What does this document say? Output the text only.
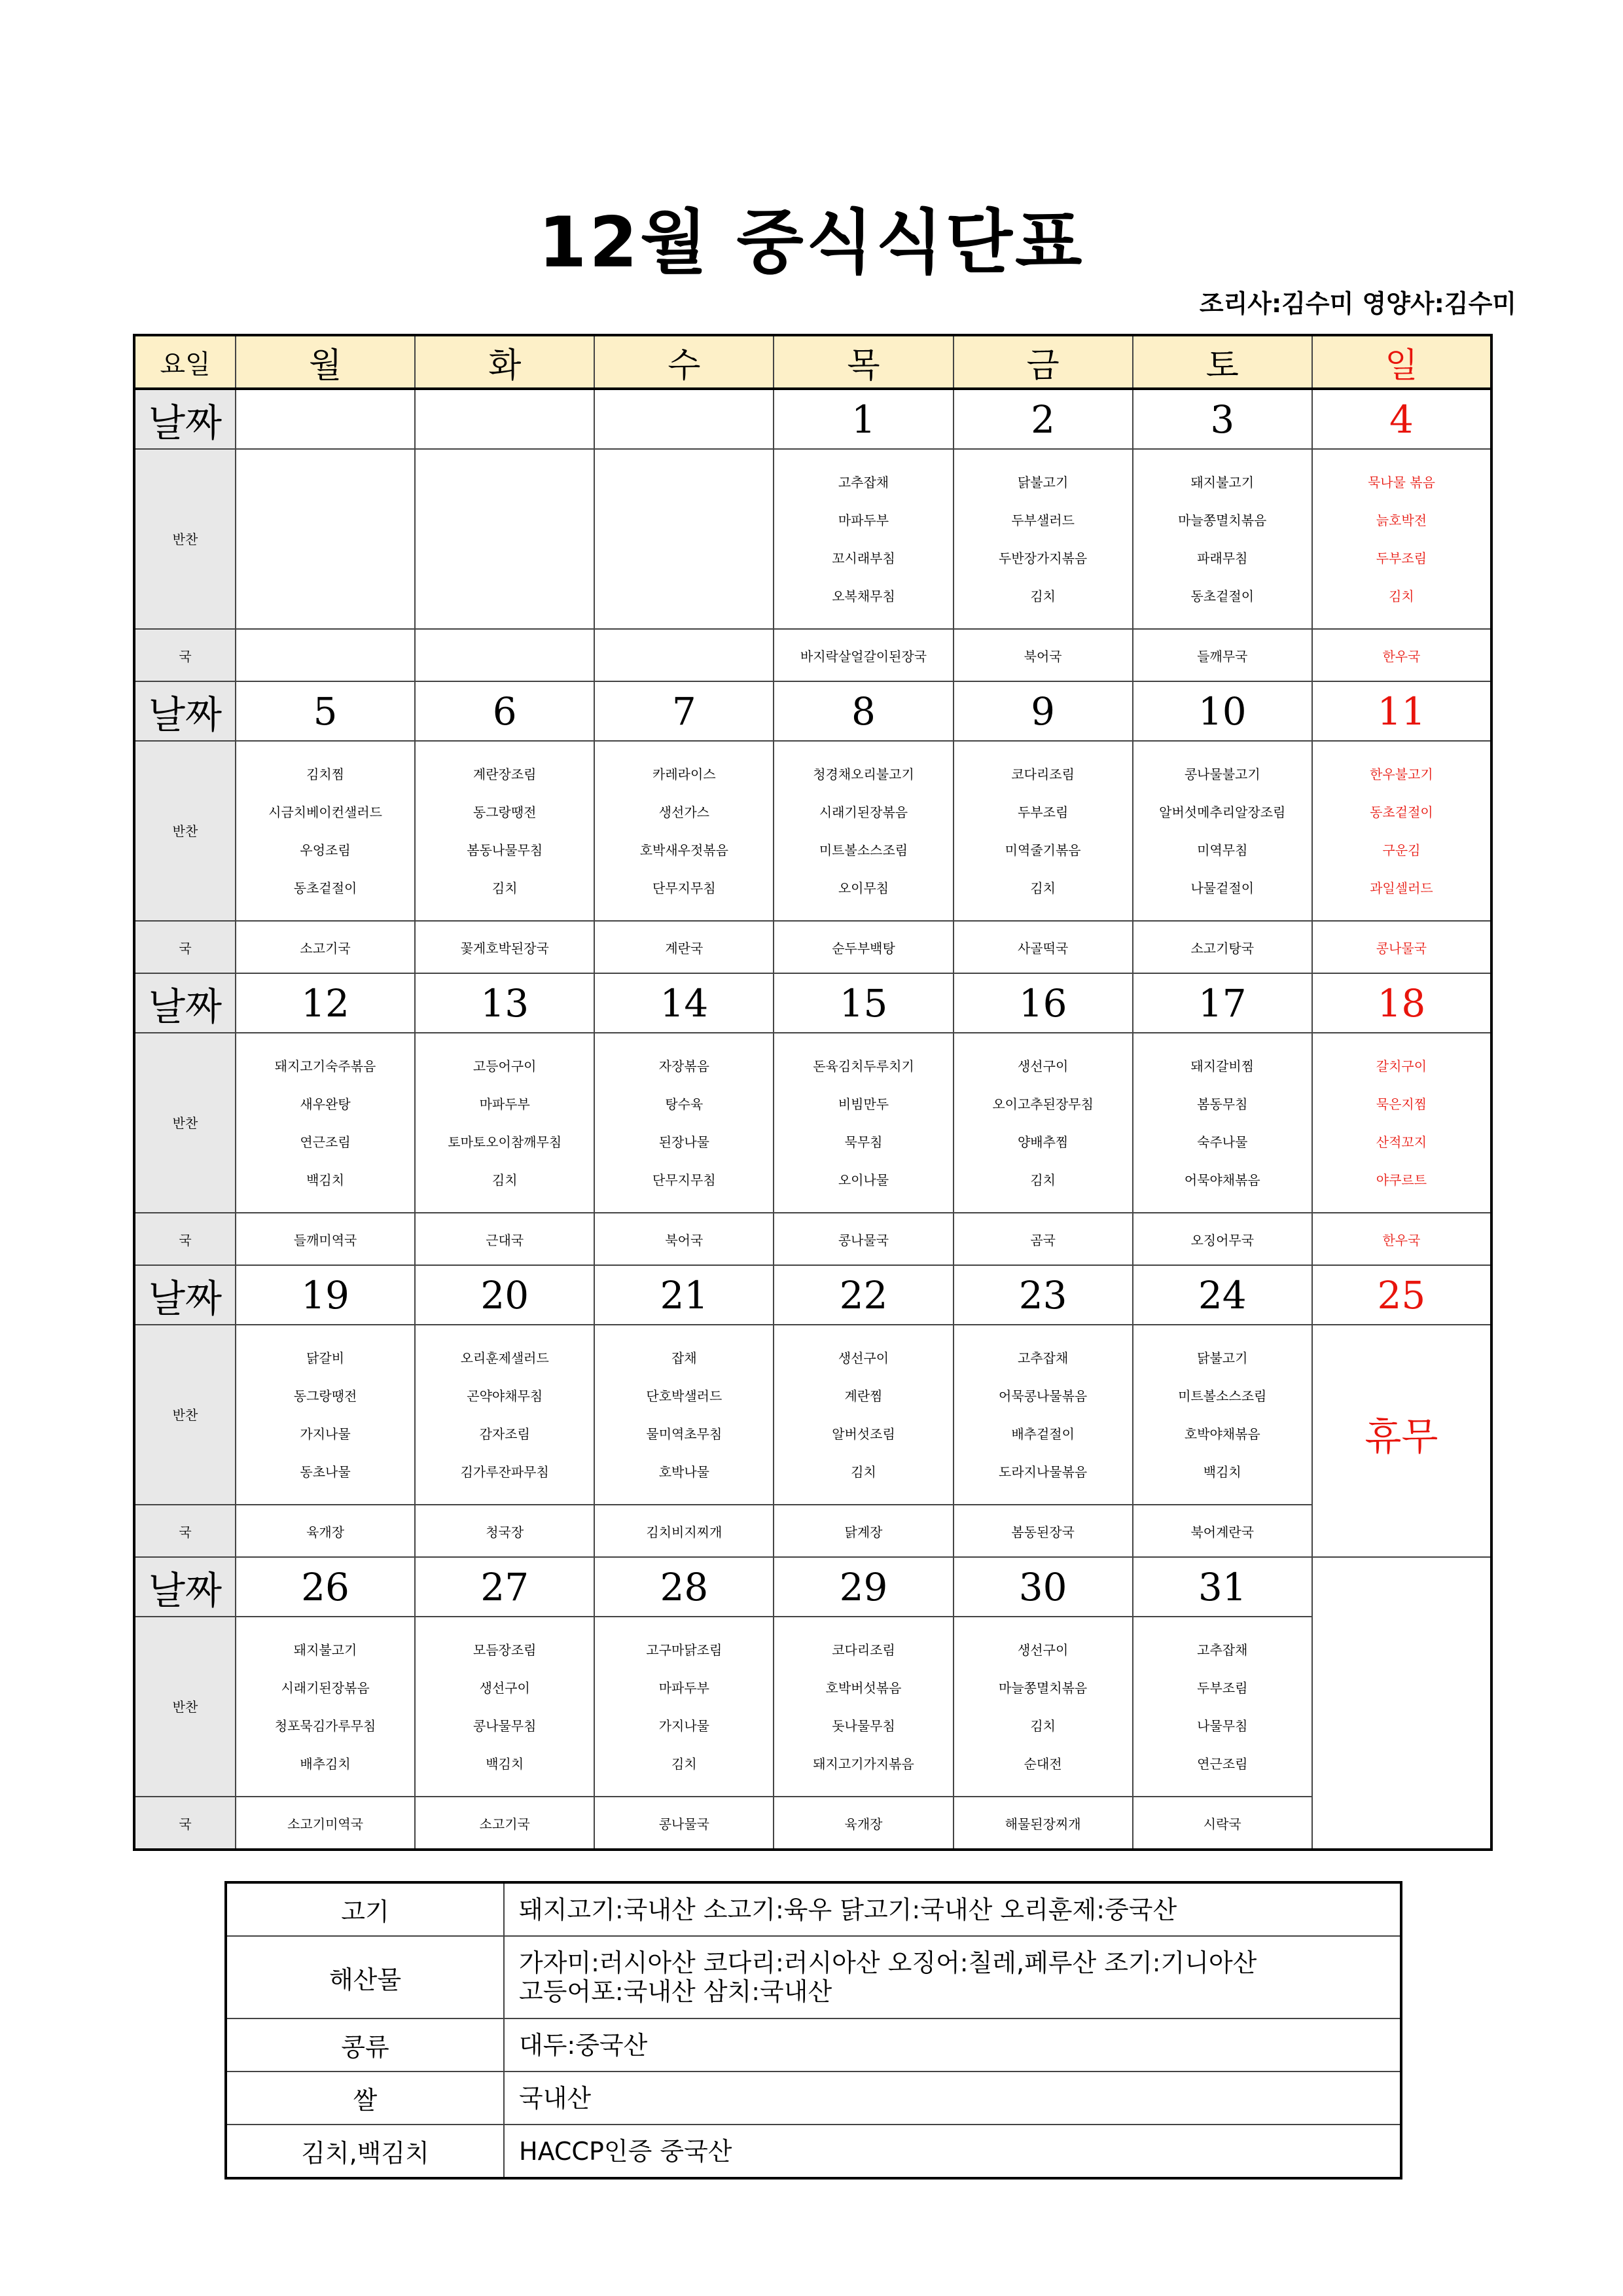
12월 중식식단표
조리사:김수미 영양사:김수미
요일	월	화	수	목	금	토	일
날짜				1	2	3	4
반찬				고추잡채
마파두부
꼬시래부침
오복채무침	닭불고기
두부샐러드
두반장가지볶음
김치	돼지불고기
마늘쫑멸치볶음
파래무침
동초겉절이	묵나물 볶음
늙호박전
두부조림
김치

국				바지락살얼갈이된장국	북어국	들깨무국	한우국
날짜	5	6	7	8	9	10	11
반찬	김치찜
시금치베이컨샐러드
우엉조림
동초겉절이	계란장조림
동그랑땡전
봄동나물무침
김치	카레라이스
생선가스
호박새우젓볶음
단무지무침	청경채오리불고기
시래기된장볶음
미트볼소스조림
오이무침	코다리조림
두부조림
미역줄기볶음
김치	콩나물불고기
알버섯메추리알장조림
미역무침
나물겉절이	한우불고기
동초겉절이
구운김
과일셀러드

국	소고기국	꽃게호박된장국	계란국	순두부백탕	사골떡국	소고기탕국	콩나물국
날짜	12	13	14	15	16	17	18
반찬	돼지고기숙주볶음
새우완탕
연근조림
백김치	고등어구이
마파두부
토마토오이참깨무침
김치	자장볶음
탕수육
된장나물
단무지무침	돈육김치두루치기
비빔만두
묵무침
오이나물	생선구이
오이고추된장무침
양배추찜
김치	돼지갈비찜
봄동무침
숙주나물
어묵야채볶음	갈치구이
묵은지찜
산적꼬지
야쿠르트

국	들깨미역국	근대국	북어국	콩나물국	곰국	오징어무국	한우국
날짜	19	20	21	22	23	24	25
반찬	닭갈비
동그랑땡전
가지나물
동초나물	오리훈제샐러드
곤약야채무침
감자조림
김가루잔파무침	잡채
단호박샐러드
물미역초무침
호박나물	생선구이
계란찜
알버섯조림
김치	고추잡채
어묵콩나물볶음
배추겉절이
도라지나물볶음	닭불고기
미트볼소스조림
호박야채볶음
백김치	휴무
국	육개장	청국장	김치비지찌개	닭계장	봄동된장국	북어계란국	
날짜	26	27	28	29	30	31	
반찬	돼지불고기
시래기된장볶음
청포묵김가루무침
배추김치	모듬장조림
생선구이
콩나물무침
백김치	고구마닭조림
마파두부
가지나물
김치	코다리조림
호박버섯볶음
돗나물무침
돼지고기가지볶음	생선구이
마늘쫑멸치볶음
김치
순대전	고추잡채
두부조림
나물무침
연근조림	

국	소고기미역국	소고기국	콩나물국	육개장	해물된장찌개	시락국	
고기	돼지고기:국내산 소고기:육우 닭고기:국내산 오리훈제:중국산

해산물	가자미:러시아산 코다리:러시아산 오징어:칠레,페루산 조기:기니아산
고등어포:국내산 삼치:국내산

콩류	대두:중국산

쌀	국내산

김치,백김치	HACCP인증 중국산
